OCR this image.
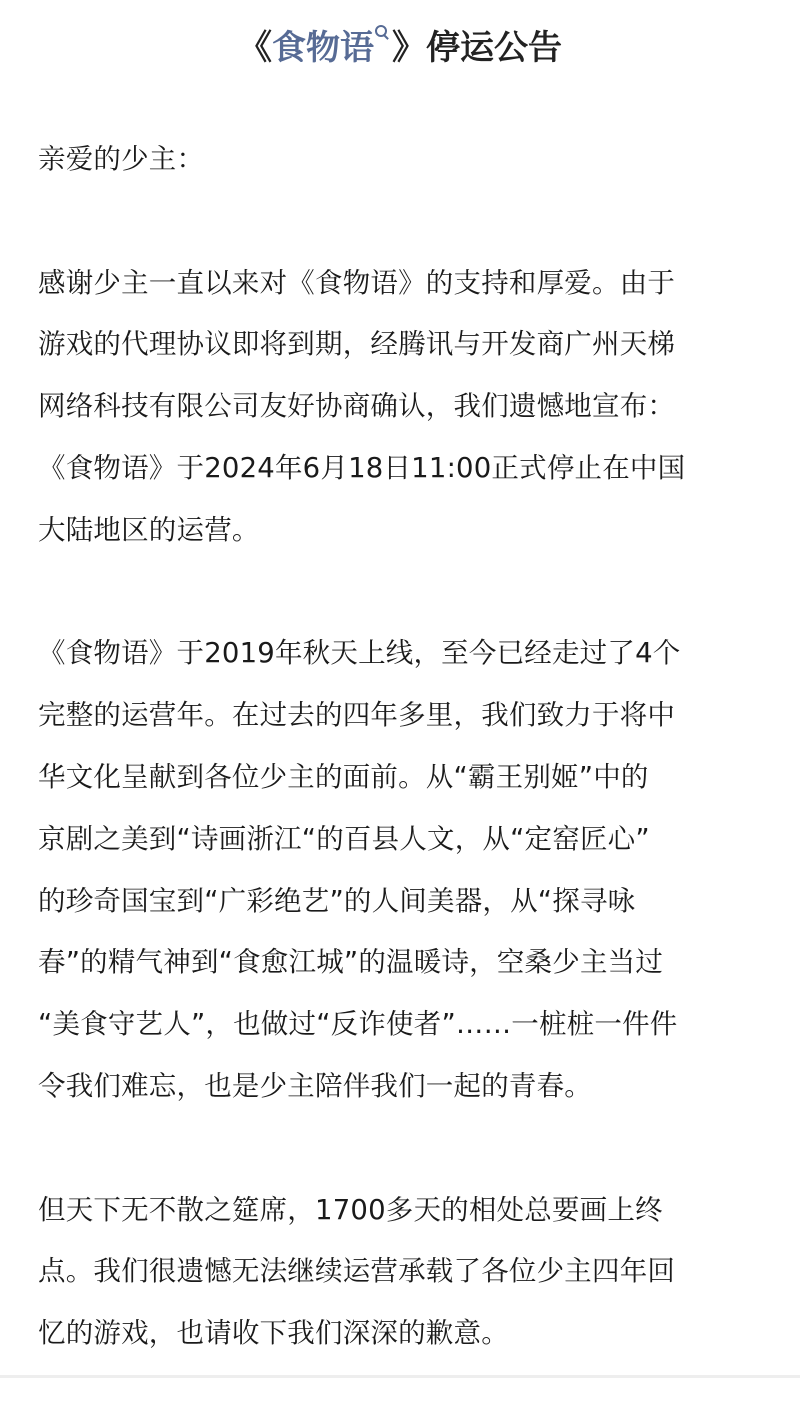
《食物语 》停运公告
亲爱的少主：
感谢少主一直以来对《食物语》的支持和厚爱。由于
游戏的代理协议即将到期，经腾讯与开发商广州天梯
网络科技有限公司友好协商确认，我们遗憾地宣布：
《食物语》于2024年6月18日11:00正式停止在中国
大陆地区的运营。
《食物语》于2019年秋天上线，至今已经走过了4个
完整的运营年。在过去的四年多里，我们致力于将中
华文化呈献到各位少主的面前。从“霸王别姬”中的
京剧之美到“诗画浙江“的百县人文，从“定窑匠心”
的珍奇国宝到“广彩绝艺”的人间美器，从“探寻咏
春”的精气神到“食愈江城”的温暖诗，空桑少主当过
“美食守艺人”，也做过“反诈使者”……一桩桩一件件
令我们难忘，也是少主陪伴我们一起的青春。
但天下无不散之筵席，1700多天的相处总要画上终
点。我们很遗憾无法继续运营承载了各位少主四年回
忆的游戏，也请收下我们深深的歉意。
